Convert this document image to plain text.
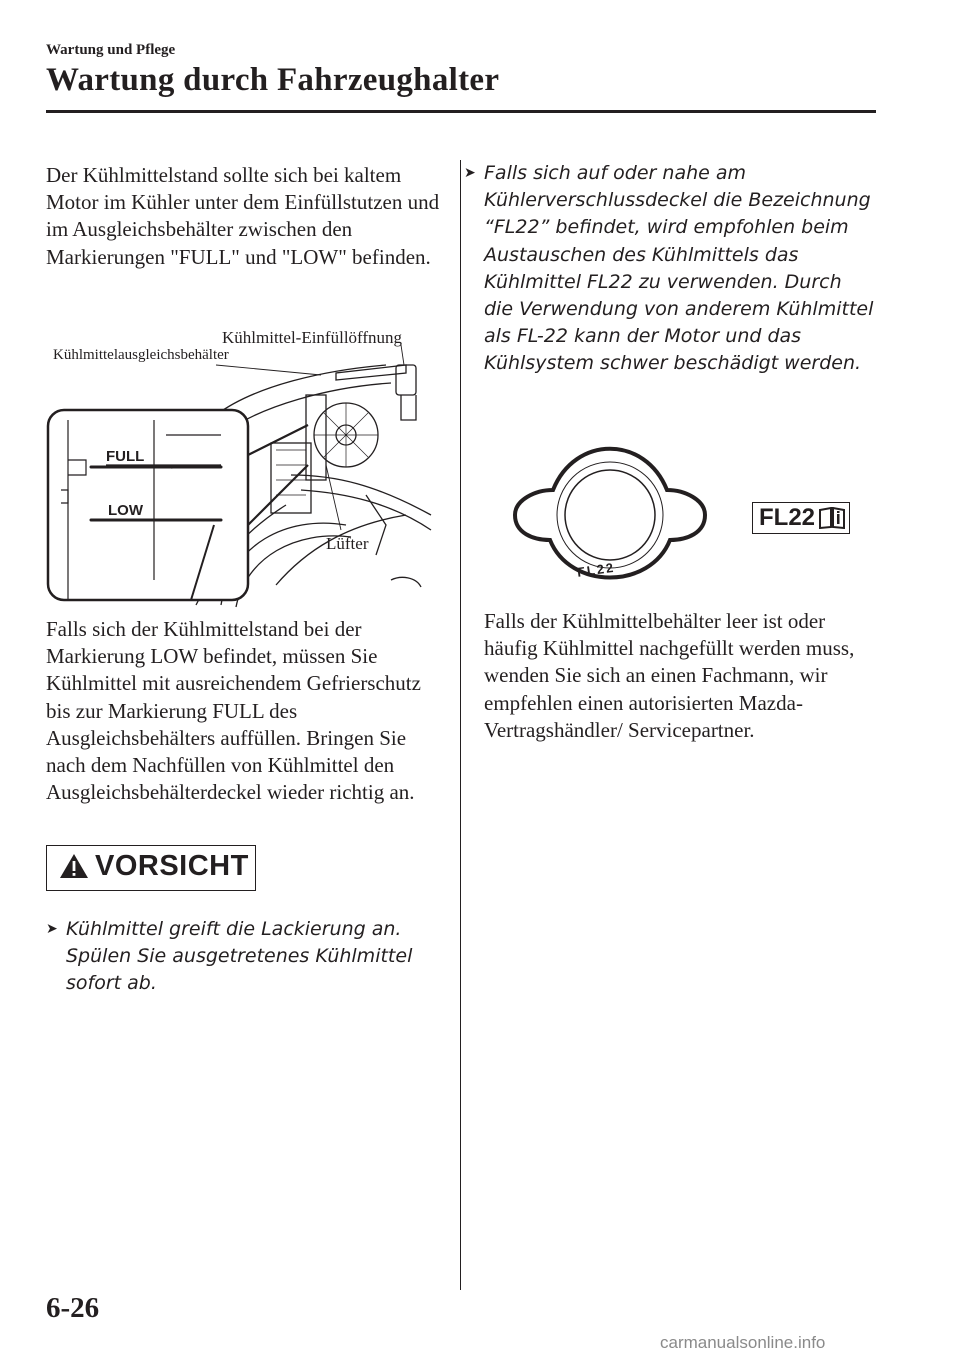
Wartung und Pflege
Wartung durch Fahrzeughalter

Der Kühlmittelstand sollte sich bei kaltem Motor im Kühler unter dem Einfüllstutzen und im Ausgleichsbehälter zwischen den Markierungen "FULL" und "LOW" befinden.

FULL
LOW
Kühlmittel-Einfüllöffnung
Kühlmittelausgleichsbehälter
Lüfter

Falls sich der Kühlmittelstand bei der Markierung LOW befindet, müssen Sie Kühlmittel mit ausreichendem Gefrierschutz bis zur Markierung FULL des Ausgleichsbehälters auffüllen. Bringen Sie nach dem Nachfüllen von Kühlmittel den Ausgleichsbehälterdeckel wieder richtig an.

VORSICHT

➤ Kühlmittel greift die Lackierung an. Spülen Sie ausgetretenes Kühlmittel sofort ab.

➤ Falls sich auf oder nahe am Kühlerverschlussdeckel die Bezeichnung “FL22” befindet, wird empfohlen beim Austauschen des Kühlmittels das Kühlmittel FL22 zu verwenden. Durch die Verwendung von anderem Kühlmittel als FL-22 kann der Motor und das Kühlsystem schwer beschädigt werden.

FL22
FL22

Falls der Kühlmittelbehälter leer ist oder häufig Kühlmittel nachgefüllt werden muss, wenden Sie sich an einen Fachmann, wir empfehlen einen autorisierten Mazda-Vertragshändler/ Servicepartner.

6-26
carmanualsonline.info
